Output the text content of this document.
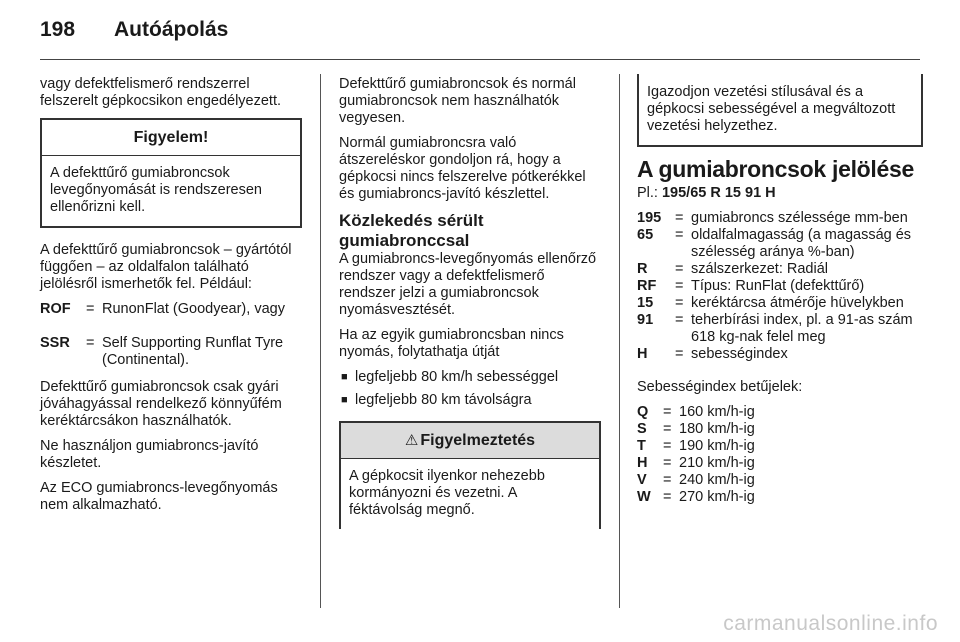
198 Autóápolás

vagy defektfelismerő rendszerrel felszerelt gépkocsikon engedélyezett.

Figyelem!
A defekttűrő gumiabroncsok levegőnyomását is rendszeresen ellenőrizni kell.

A defekttűrő gumiabroncsok – gyártótól függően – az oldalfalon található jelölésről ismerhetők fel. Például:

ROF	= RunonFlat (Goodyear), vagy
SSR	= Self Supporting Runflat Tyre (Continental).

Defekttűrő gumiabroncsok csak gyári jóváhagyással rendelkező könnyűfém keréktárcsákon használhatók.

Ne használjon gumiabroncs-javító készletet.

Az ECO gumiabroncs-levegőnyomás nem alkalmazható.

Defekttűrő gumiabroncsok és normál gumiabroncsok nem használhatók vegyesen.

Normál gumiabroncsra való átszereléskor gondoljon rá, hogy a gépkocsi nincs felszerelve pótkerékkel és gumiabroncs-javító készlettel.

Közlekedés sérült gumiabronccsal

A gumiabroncs-levegőnyomás ellenőrző rendszer vagy a defektfelismerő rendszer jelzi a gumiabroncsok nyomásvesztését.

Ha az egyik gumiabroncsban nincs nyomás, folytathatja útját

■ legfeljebb 80 km/h sebességgel
■ legfeljebb 80 km távolságra
⚠ Figyelmeztetés
A gépkocsit ilyenkor nehezebb kormányozni és vezetni. A féktávolság megnő.
Igazodjon vezetési stílusával és a gépkocsi sebességével a megváltozott vezetési helyzethez.
A gumiabroncsok jelölése

Pl.: 195/65 R 15 91 H

195 = gumiabroncs szélessége mm-ben
65	= oldalfalmagasság (a magasság és szélesség aránya %-ban)
R	= szálszerkezet: Radiál
RF	= Típus: RunFlat (defekttűrő)
15	= keréktárcsa átmérője hüvelykben
91	= teherbírási index, pl. a 91-as szám 618 kg-nak felel meg
H	= sebességindex

Sebességindex betűjelek:

Q	= 160 km/h-ig
S	= 180 km/h-ig
T	= 190 km/h-ig
H	= 210 km/h-ig
V	= 240 km/h-ig
W = 270 km/h-ig
carmanualsonline.info
